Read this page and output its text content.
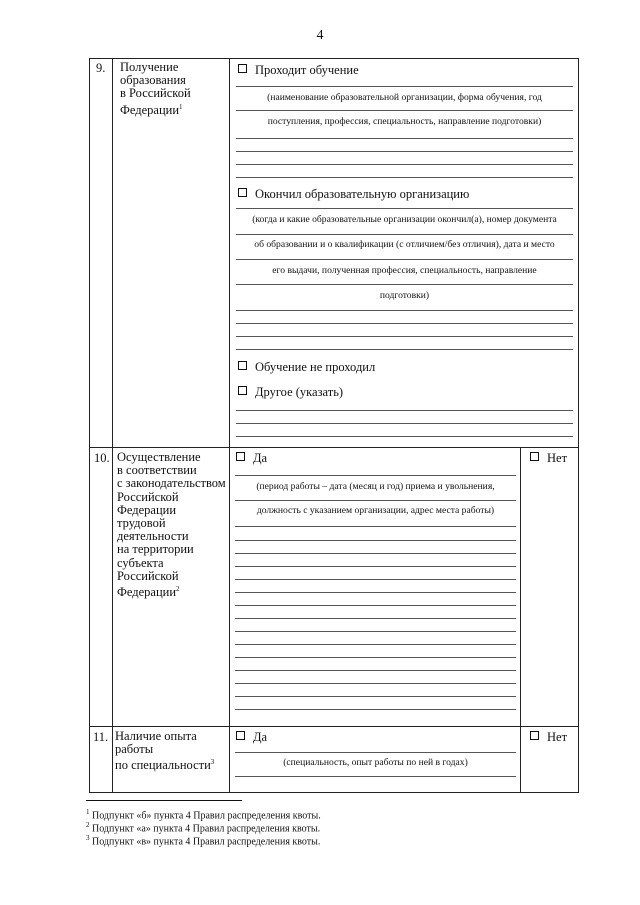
4
9. Получение
образования
в Российской
Федерации$^1$
Проходит обучение
(наименование образовательной организации, форма обучения, год
поступления, профессия, специальность, направление подготовки)
Окончил образовательную организацию
(когда и какие образовательные организации окончил(а), номер документа
об образовании и о квалификации (с отличием/без отличия), дата и место
его выдачи, полученная профессия, специальность, направление
подготовки)
Обучение не проходил
Другое (указать)
10. Осуществление
в соответствии
с законодательством
Российской
Федерации
трудовой
деятельности
на территории
субъекта
Российской
Федерации$^2$
Да	Нет
(период работы – дата (месяц и год) приема и увольнения,
должность с указанием организации, адрес места работы)
11. Наличие опыта
работы
по специальности$^3$
Да	Нет
(специальность, опыт работы по ней в годах)
$^1$ Подпункт «б» пункта 4 Правил распределения квоты.
$^2$ Подпункт «а» пункта 4 Правил распределения квоты.
$^3$ Подпункт «в» пункта 4 Правил распределения квоты.
